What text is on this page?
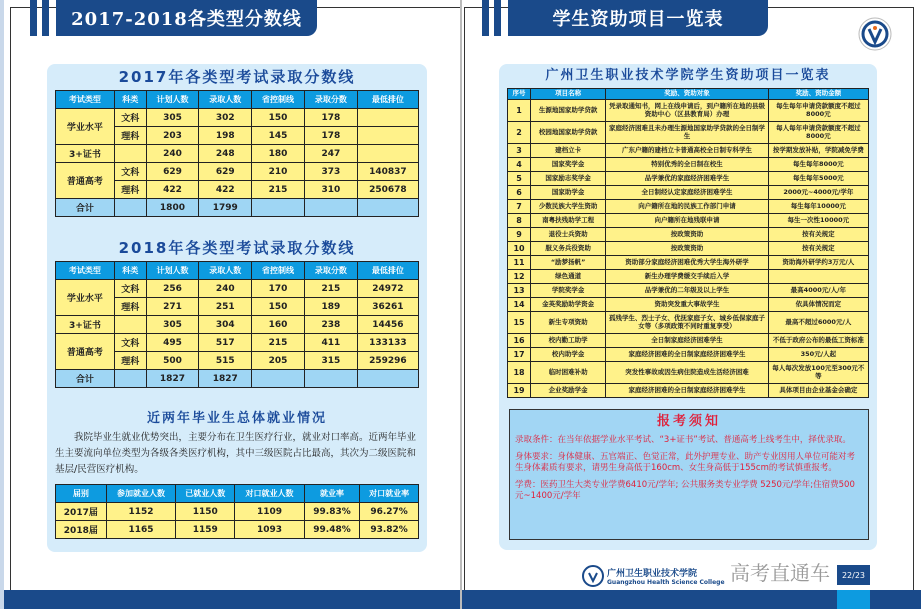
2017-2018各类型分数线
2017年各类型考试录取分数线
考试类型	科类	计划人数	录取人数	省控制线	录取分数	最低排位
学业水平	文科	305	302	150	178	
	理科	203	198	145	178	
3+证书		240	248	180	247	
普通高考	文科	629	629	210	373	140837
	理科	422	422	215	310	250678
合计		1800	1799			
2018年各类型考试录取分数线
考试类型	科类	计划人数	录取人数	省控制线	录取分数	最低排位
学业水平	文科	256	240	170	215	24972
	理科	271	251	150	189	36261
3+证书		305	304	160	238	14456
普通高考	文科	495	517	215	411	133133
	理科	500	515	205	315	259296
合计		1827	1827			
近两年毕业生总体就业情况
我院毕业生就业优势突出，主要分布在卫生医疗行业，就业对口率高。近两年毕业生主要流向单位类型为各级各类医疗机构，其中三级医院占比最高，其次为二级医院和基层/民营医疗机构。
届别	参加就业人数	已就业人数	对口就业人数	就业率	对口就业率
2017届	1152	1150	1109	99.83%	96.27%
2018届	1165	1159	1093	99.48%	93.82%
学生资助项目一览表
广州卫生职业技术学院学生资助项目一览表
序号	项目名称	奖励、资助对象	奖励、资助金额
1	生源地国家助学贷款	凭录取通知书，网上在线申请后，到户籍所在地的县级资助中心（区县教育局）办理	每生每年申请贷款额度不超过8000元
2	校园地国家助学贷款	家庭经济困难且未办理生源地国家助学贷款的全日制学生	每人每年申请贷款额度不超过8000元
3	建档立卡	广东户籍的建档立卡普通高校全日制专科学生	按学期发放补贴，学院减免学费
4	国家奖学金	特别优秀的全日制在校生	每生每年8000元
5	国家励志奖学金	品学兼优的家庭经济困难学生	每生每年5000元
6	国家助学金	全日制经认定家庭经济困难学生	2000元~4000元/学年
7	少数民族大学生资助	向户籍所在地的民族工作部门申请	每生每年10000元
8	南粤扶残助学工程	向户籍所在地残联申请	每生一次性10000元
9	退役士兵资助	按政策资助	按有关规定
10	服义务兵役资助	按政策资助	按有关规定
11	“励梦扬帆”	资助部分家庭经济困难优秀大学生海外研学	资助海外研学约3万元/人
12	绿色通道	新生办理学费缓交手续后入学	
13	学院奖学金	品学兼优的二年级及以上学生	最高4000元/人/年
14	金英奖励助学资金	资助突发重大事故学生	依具体情况而定
15	新生专项资助	孤残学生、烈士子女、优抚家庭子女、城乡低保家庭子女等（多项政策不同时重复享受）	最高不超过6000元/人
16	校内勤工助学	全日制家庭经济困难学生	不低于政府公布的最低工资标准
17	校内助学金	家庭经济困难的全日制家庭经济困难学生	350元/人起
18	临时困难补助	突发性事故或因生病住院造成生活经济困难	每人每次发放100元至300元不等
19	企业奖励学金	家庭经济困难的全日制家庭经济困难学生	具体项目由企业基金会确定
报考须知

录取条件：在当年依据学业水平考试、“3+证书”考试、普通高考上线考生中，择优录取。

身体要求：身体健康、五官端正、色觉正常，此外护理专业、助产专业因用人单位可能对考生身体素质有要求，请男生身高低于160cm、女生身高低于155cm的考试慎重报考。

学费：医药卫生大类专业学费6410元/学年; 公共服务类专业学费 5250元/学年;住宿费500元~1400元/学年

广州卫生职业技术学院
Guangzhou Health Science College
22/23
高考直通车
